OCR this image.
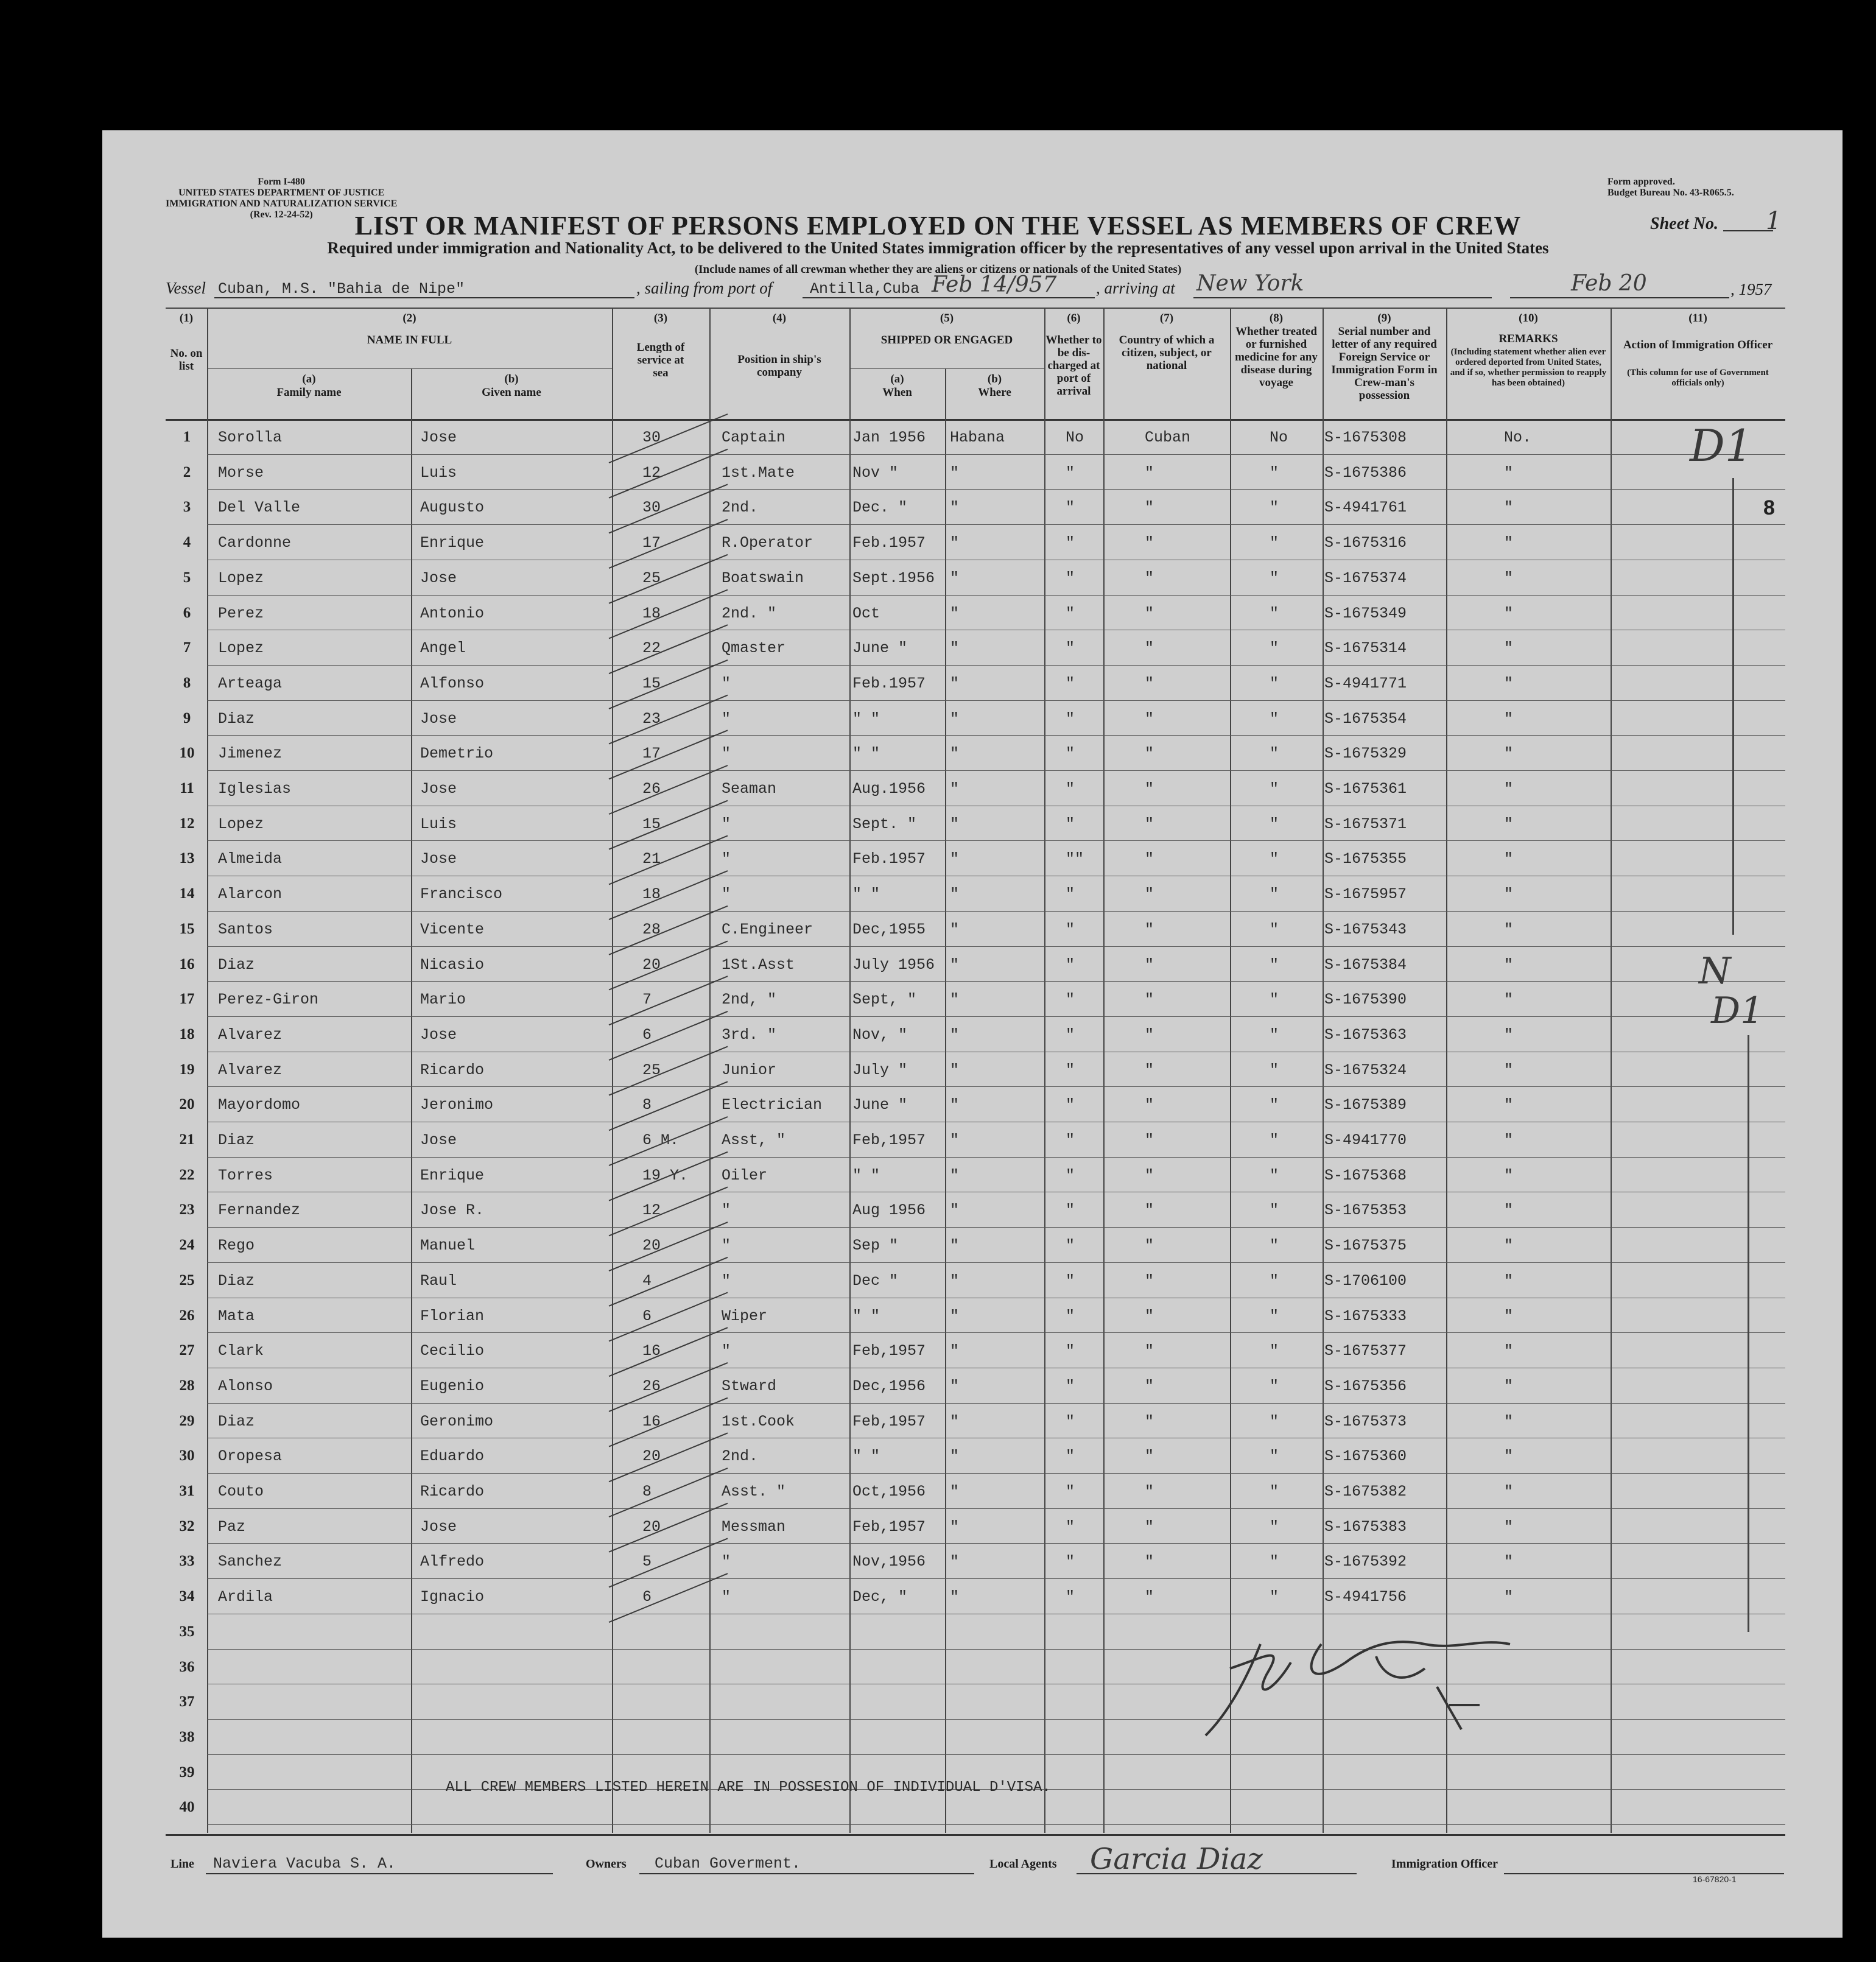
Form I-480
UNITED STATES DEPARTMENT OF JUSTICE
IMMIGRATION AND NATURALIZATION SERVICE
(Rev. 12-24-52)
Form approved.
Budget Bureau No. 43-R065.5.
LIST OR MANIFEST OF PERSONS EMPLOYED ON THE VESSEL AS MEMBERS OF CREW	Sheet No. 1
Required under immigration and Nationality Act, to be delivered to the United States immigration officer by the representatives of any vessel upon arrival in the United States
(Include names of all crewman whether they are aliens or citizens or nationals of the United States)
Vessel Cuban, M.S. "Bahia de Nipe"	, sailing from port of Antilla,Cuba Feb 14/957 , arriving at New York	Feb 20	, 1957
(1)
No. on list
(2)
NAME IN FULL
(a)
Family name
(b)
Given name
(3)
Length of service at sea
(4)
Position in ship's company
(5)
SHIPPED OR ENGAGED
(a)
When
(b)
Where
(6)
Whether to be dis-charged at port of arrival
(7)
Country of which a citizen, subject, or national
(8)
Whether treated or furnished medicine for any disease during voyage
(9)
Serial number and letter of any required Foreign Service or Immigration Form in Crew-man's possession
(10)
REMARKS
(Including statement whether alien ever ordered deported from United States, and if so, whether permission to reapply has been obtained)
(11)
Action of Immigration Officer
(This column for use of Government officials only)
1	Sorolla	Jose	30	Captain	Jan 1956 Habana	No	Cuban	No S-1675308	No.
2	Morse	Luis	12	1st.Mate	Nov "	"	"	"	"	S-1675386	"
3	Del Valle	Augusto	30	2nd.	Dec. "	"	"	"	"	S-4941761	"
4	Cardonne	Enrique	17	R.Operator	Feb.1957 "	"	"	"	S-1675316	"
5	Lopez	Jose	25	Boatswain	Sept.1956 "	"	"	"	S-1675374	"
6	Perez	Antonio	18	2nd. "	Oct	"	"	"	"	S-1675349	"
7	Lopez	Angel	22	Qmaster	June "	"	"	"	"	S-1675314	"
8	Arteaga	Alfonso	15	"	Feb.1957 "	"	"	"	S-4941771	"
9	Diaz	Jose	23	"	" "	"	"	"	"	S-1675354	"
10	Jimenez	Demetrio	17	"	" "	"	"	"	"	S-1675329	"
11	Iglesias	Jose	26	Seaman	Aug.1956 "	"	"	"	S-1675361	"
12	Lopez	Luis	15	"	Sept. " "	"	"	"	S-1675371	"
13	Almeida	Jose	21	"	Feb.1957 "	""	"	"	S-1675355	"
14	Alarcon	Francisco	18	"	" "	"	"	"	"	S-1675957	"
15	Santos	Vicente	28	C.Engineer	Dec,1955 "	"	"	"	S-1675343	"
16	Diaz	Nicasio	20	1St.Asst	July 1956 "	"	"	"	S-1675384	"
17	Perez-Giron	Mario	7	2nd, "	Sept, " "	"	"	"	S-1675390	"
18	Alvarez	Jose	6	3rd. "	Nov, "	"	"	"	"	S-1675363	"
19	Alvarez	Ricardo	25	Junior	July "	"	"	"	"	S-1675324	"
20	Mayordomo	Jeronimo	8	Electrician June "	"	"	"	"	S-1675389	"
21	Diaz	Jose	6 M.	Asst, "	Feb,1957 "	"	"	"	S-4941770	"
22	Torres	Enrique	19 Y. Oiler	" "	"	"	"	"	S-1675368	"
23	Fernandez	Jose R.	12	"	Aug 1956 "	"	"	"	S-1675353	"
24	Rego	Manuel	20	"	Sep "	"	"	"	"	S-1675375	"
25	Diaz	Raul	4	"	Dec "	"	"	"	"	S-1706100	"
26	Mata	Florian	6	Wiper	" "	"	"	"	"	S-1675333	"
27	Clark	Cecilio	16	"	Feb,1957 "	"	"	"	S-1675377	"
28	Alonso	Eugenio	26	Stward	Dec,1956 "	"	"	"	S-1675356	"
29	Diaz	Geronimo	16	1st.Cook	Feb,1957 "	"	"	"	S-1675373	"
30	Oropesa	Eduardo	20	2nd.	" "	"	"	"	"	S-1675360	"
31	Couto	Ricardo	8	Asst. "	Oct,1956 "	"	"	"	S-1675382	"
32	Paz	Jose	20	Messman	Feb,1957 "	"	"	"	S-1675383	"
33	Sanchez	Alfredo	5	"	Nov,1956 "	"	"	"	S-1675392	"
34	Ardila	Ignacio	6	"	Dec, "	"	"	"	"	S-4941756	"
35
36
37
38
39
40
D1
8
N
D1
ALL CREW MEMBERS LISTED HEREIN ARE IN POSSESION OF INDIVIDUAL D'VISA.
Line Naviera Vacuba S. A.	Owners Cuban Goverment.	Local Agents Garcia Diaz	Immigration Officer
16-67820-1
